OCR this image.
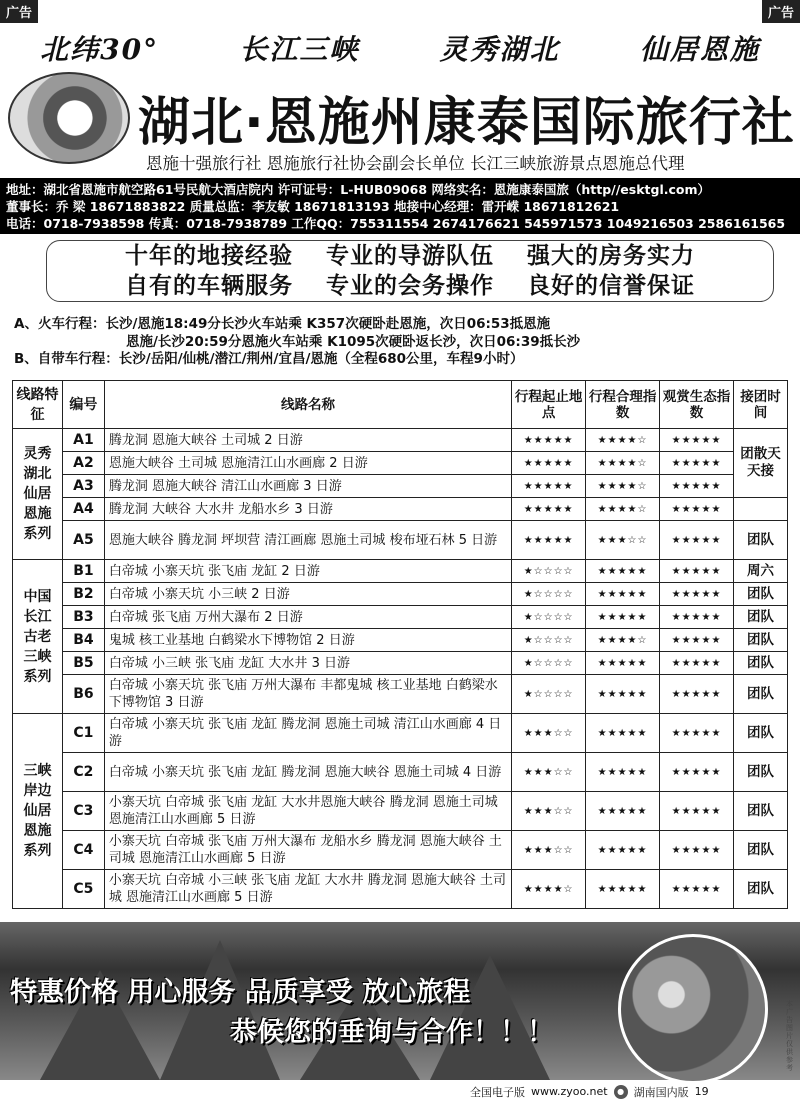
广告	广告
北纬30°	长江三峡	灵秀湖北	仙居恩施
湖北·恩施州康泰国际旅行社
恩施十强旅行社 恩施旅行社协会副会长单位 长江三峡旅游景点恩施总代理
地址：湖北省恩施市航空路61号民航大酒店院内 许可证号：L-HUB09068 网络实名：恩施康泰国旅（http//esktgl.com）
董事长：乔 梁 18671883822 质量总监：李友敏 18671813193 地接中心经理：雷开嵘 18671812621
电话：0718-7938598 传真：0718-7938789 工作QQ：755311554 2674176621 545971573 1049216503 2586161565
十年的地接经验 专业的导游队伍 强大的房务实力
自有的车辆服务 专业的会务操作 良好的信誉保证
A、火车行程：长沙/恩施18:49分长沙火车站乘 K357次硬卧赴恩施，次日06:53抵恩施
恩施/长沙20:59分恩施火车站乘 K1095次硬卧返长沙，次日06:39抵长沙
B、自带车行程：长沙/岳阳/仙桃/潜江/荆州/宜昌/恩施（全程680公里，车程9小时）
线路特征	编号	线路名称	行程起止地点	行程合理指数	观赏生态指数	接团时间
灵秀湖北仙居恩施系列	A1	腾龙洞 恩施大峡谷 土司城 2 日游	★★★★★	★★★★☆	★★★★★	团散天天接
	A2	恩施大峡谷 土司城 恩施清江山水画廊 2 日游	★★★★★	★★★★☆	★★★★★	
	A3	腾龙洞 恩施大峡谷 清江山水画廊 3 日游	★★★★★	★★★★☆	★★★★★	
	A4	腾龙洞 大峡谷 大水井 龙船水乡 3 日游	★★★★★	★★★★☆	★★★★★	
	A5	恩施大峡谷 腾龙洞 坪坝营 清江画廊 恩施土司城 梭布垭石林 5 日游	★★★★★	★★★☆☆	★★★★★	团队
中国长江古老三峡系列	B1	白帝城 小寨天坑 张飞庙 龙缸 2 日游	★☆☆☆☆	★★★★★	★★★★★	周六
	B2	白帝城 小寨天坑 小三峡 2 日游	★☆☆☆☆	★★★★★	★★★★★	团队
	B3	白帝城 张飞庙 万州大瀑布 2 日游	★☆☆☆☆	★★★★★	★★★★★	团队
	B4	鬼城 核工业基地 白鹤梁水下博物馆 2 日游	★☆☆☆☆	★★★★☆	★★★★★	团队
	B5	白帝城 小三峡 张飞庙 龙缸 大水井 3 日游	★☆☆☆☆	★★★★★	★★★★★	团队
	B6	白帝城 小寨天坑 张飞庙 万州大瀑布 丰都鬼城 核工业基地 白鹤梁水下博物馆 3 日游	★☆☆☆☆	★★★★★	★★★★★	团队
三峡岸边仙居恩施系列	C1	白帝城 小寨天坑 张飞庙 龙缸 腾龙洞 恩施土司城 清江山水画廊 4 日游	★★★☆☆	★★★★★	★★★★★	团队
	C2	白帝城 小寨天坑 张飞庙 龙缸 腾龙洞 恩施大峡谷 恩施土司城 4 日游	★★★☆☆	★★★★★	★★★★★	团队
	C3	小寨天坑 白帝城 张飞庙 龙缸 大水井恩施大峡谷 腾龙洞 恩施土司城 恩施清江山水画廊 5 日游	★★★☆☆	★★★★★	★★★★★	团队
	C4	小寨天坑 白帝城 张飞庙 万州大瀑布 龙船水乡 腾龙洞 恩施大峡谷 土司城 恩施清江山水画廊 5 日游	★★★☆☆	★★★★★	★★★★★	团队
	C5	小寨天坑 白帝城 小三峡 张飞庙 龙缸 大水井 腾龙洞 恩施大峡谷 土司城 恩施清江山水画廊 5 日游	★★★★☆	★★★★★	★★★★★	团队
特惠价格 用心服务 品质享受 放心旅程
恭候您的垂询与合作！！！
本广告图片仅供参考
全国电子版 www.zyoo.net	● 湖南国内版 19
